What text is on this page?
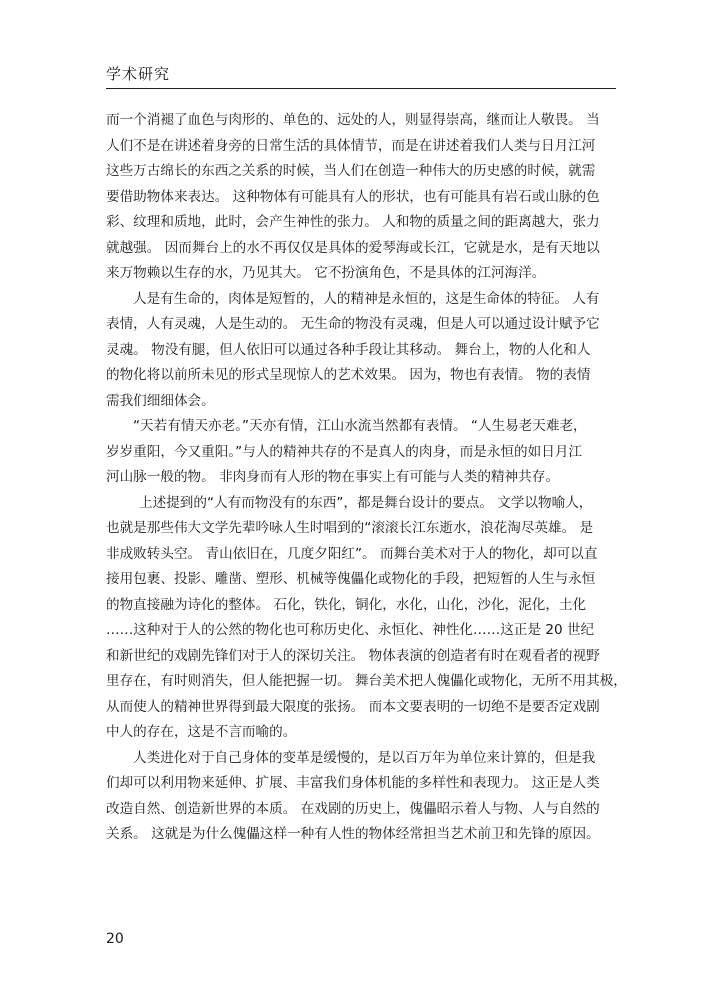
学术研究
而一个消褪了血色与肉形的、单色的、远处的人，则显得崇高，继而让人敬畏。 当
人们不是在讲述着身旁的日常生活的具体情节，而是在讲述着我们人类与日月江河
这些万古绵长的东西之关系的时候，当人们在创造一种伟大的历史感的时候，就需
要借助物体来表达。 这种物体有可能具有人的形状，也有可能具有岩石或山脉的色
彩、纹理和质地，此时，会产生神性的张力。 人和物的质量之间的距离越大，张力
就越强。 因而舞台上的水不再仅仅是具体的爱琴海或长江，它就是水，是有天地以
来万物赖以生存的水，乃见其大。 它不扮演角色，不是具体的江河海洋。
人是有生命的，肉体是短暂的，人的精神是永恒的，这是生命体的特征。 人有
表情，人有灵魂，人是生动的。 无生命的物没有灵魂，但是人可以通过设计赋予它
灵魂。 物没有腿，但人依旧可以通过各种手段让其移动。 舞台上，物的人化和人
的物化将以前所未见的形式呈现惊人的艺术效果。 因为，物也有表情。 物的表情
需我们细细体会。
“天若有情天亦老。”天亦有情，江山水流当然都有表情。 “人生易老天难老，
岁岁重阳，今又重阳。”与人的精神共存的不是真人的肉身，而是永恒的如日月江
河山脉一般的物。 非肉身而有人形的物在事实上有可能与人类的精神共存。
上述提到的“人有而物没有的东西”，都是舞台设计的要点。 文学以物喻人，
也就是那些伟大文学先辈吟咏人生时唱到的“滚滚长江东逝水，浪花淘尽英雄。 是
非成败转头空。 青山依旧在，几度夕阳红”。 而舞台美术对于人的物化，却可以直
接用包裹、投影、雕凿、塑形、机械等傀儡化或物化的手段，把短暂的人生与永恒
的物直接融为诗化的整体。 石化，铁化，铜化，水化，山化，沙化，泥化，土化
……这种对于人的公然的物化也可称历史化、永恒化、神性化……这正是 20 世纪
和新世纪的戏剧先锋们对于人的深切关注。 物体表演的创造者有时在观看者的视野
里存在，有时则消失，但人能把握一切。 舞台美术把人傀儡化或物化，无所不用其极，
从而使人的精神世界得到最大限度的张扬。 而本文要表明的一切绝不是要否定戏剧
中人的存在，这是不言而喻的。
人类进化对于自己身体的变革是缓慢的，是以百万年为单位来计算的，但是我
们却可以利用物来延伸、扩展、丰富我们身体机能的多样性和表现力。 这正是人类
改造自然、创造新世界的本质。 在戏剧的历史上，傀儡昭示着人与物、人与自然的
关系。 这就是为什么傀儡这样一种有人性的物体经常担当艺术前卫和先锋的原因。
20
